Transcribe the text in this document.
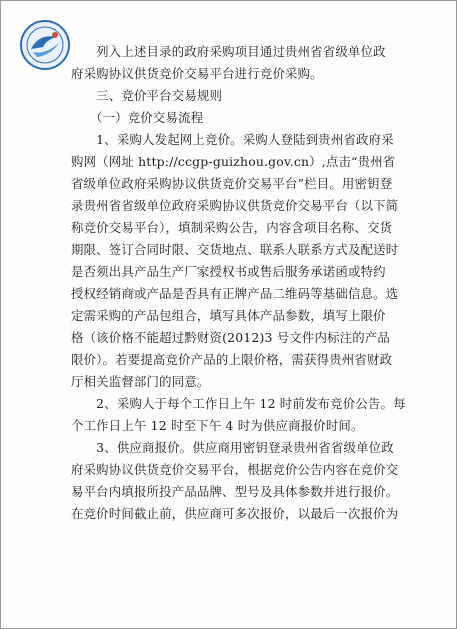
　　列入上述目录的政府采购项目通过贵州省省级单位政
府采购协议供货竞价交易平台进行竞价采购。
　　三、竞价平台交易规则
　　（一）竞价交易流程
　　1、采购人发起网上竞价。采购人登陆到贵州省政府采
购网（网址 http://ccgp-guizhou.gov.cn）,点击“贵州省
省级单位政府采购协议供货竞价交易平台”栏目。用密钥登
录贵州省省级单位政府采购协议供货竞价交易平台（以下简
称竞价交易平台），填制采购公告，内容含项目名称、交货
期限、签订合同时限、交货地点、联系人联系方式及配送时
是否须出具产品生产厂家授权书或售后服务承诺函或特约
授权经销商或产品是否具有正牌产品二维码等基础信息。选
定需采购的产品包组合，填写具体产品参数，填写上限价
格（该价格不能超过黔财资(2012)3 号文件内标注的产品
限价）。若要提高竞价产品的上限价格，需获得贵州省财政
厅相关监督部门的同意。
　　2、采购人于每个工作日上午 12 时前发布竞价公告。每
个工作日上午 12 时至下午 4 时为供应商报价时间。
　　3、供应商报价。供应商用密钥登录贵州省省级单位政
府采购协议供货竞价交易平台，根据竞价公告内容在竞价交
易平台内填报所投产品品牌、型号及具体参数并进行报价。
在竞价时间截止前，供应商可多次报价，以最后一次报价为
